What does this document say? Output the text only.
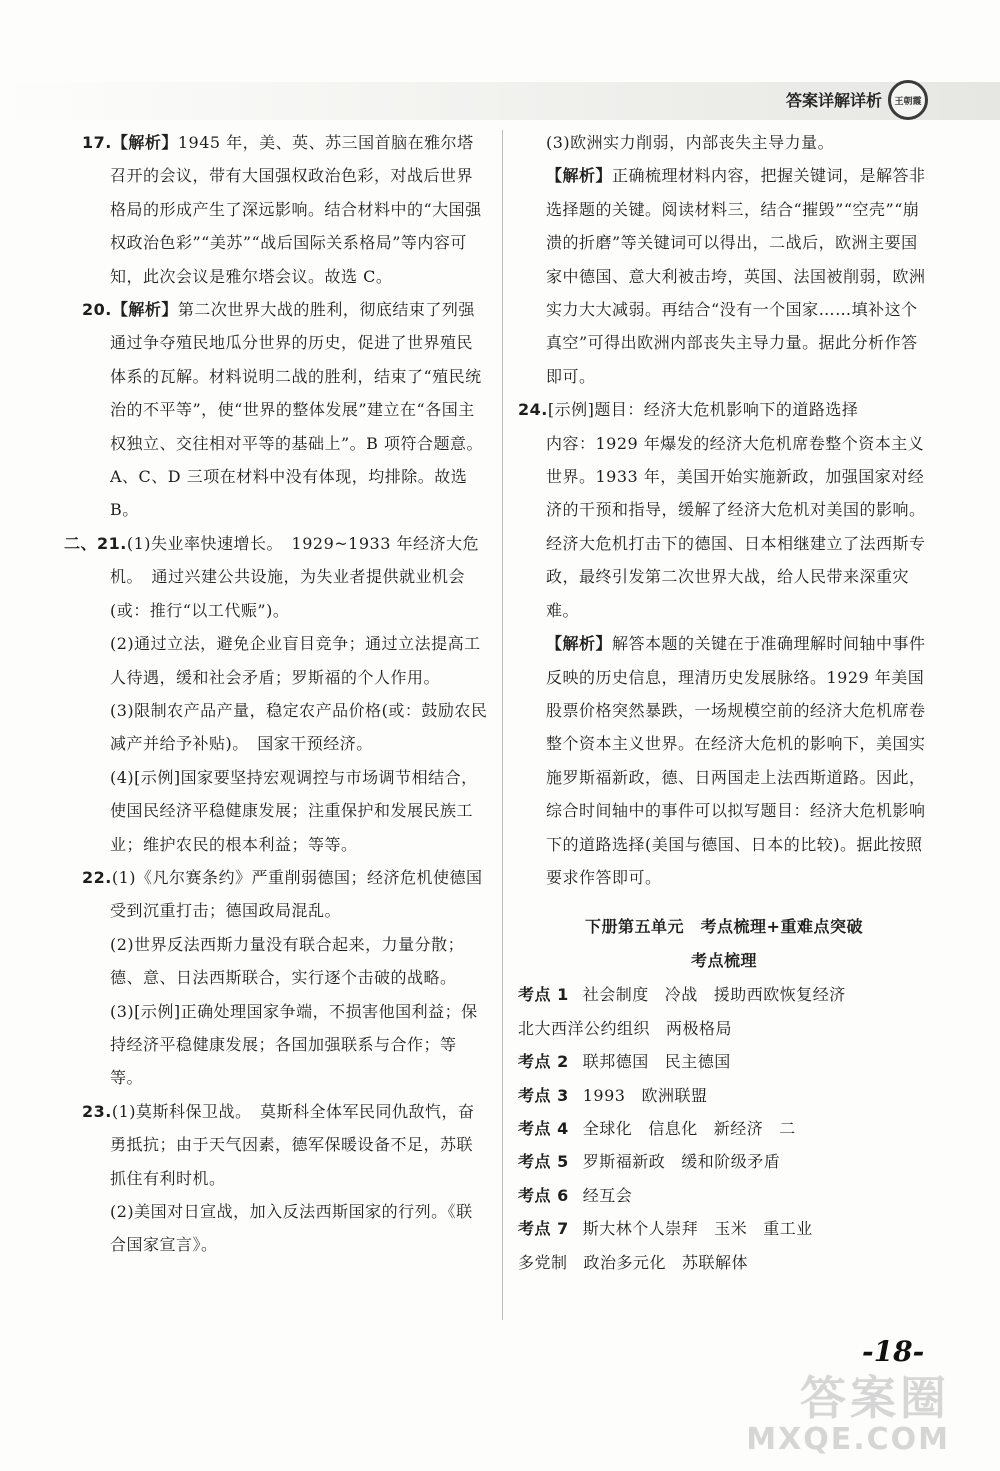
答案详解详析	王朝霞

17.【解析】1945 年，美、英、苏三国首脑在雅尔塔召开的会议，带有大国强权政治色彩，对战后世界格局的形成产生了深远影响。结合材料中的“大国强权政治色彩”“美苏”“战后国际关系格局”等内容可知，此次会议是雅尔塔会议。故选 C。

20.【解析】第二次世界大战的胜利，彻底结束了列强通过争夺殖民地瓜分世界的历史，促进了世界殖民体系的瓦解。材料说明二战的胜利，结束了“殖民统治的不平等”，使“世界的整体发展”建立在“各国主权独立、交往相对平等的基础上”。B 项符合题意。A、C、D 三项在材料中没有体现，均排除。故选 B。

二、21.(1)失业率快速增长。　1929~1933 年经济大危机。　通过兴建公共设施，为失业者提供就业机会(或：推行“以工代赈”)。

(2)通过立法，避免企业盲目竞争；通过立法提高工人待遇，缓和社会矛盾；罗斯福的个人作用。

(3)限制农产品产量，稳定农产品价格(或：鼓励农民减产并给予补贴)。　国家干预经济。

(4)[示例]国家要坚持宏观调控与市场调节相结合，使国民经济平稳健康发展；注重保护和发展民族工业；维护农民的根本利益；等等。

22.(1)《凡尔赛条约》严重削弱德国；经济危机使德国受到沉重打击；德国政局混乱。

(2)世界反法西斯力量没有联合起来，力量分散；德、意、日法西斯联合，实行逐个击破的战略。

(3)[示例]正确处理国家争端，不损害他国利益；保持经济平稳健康发展；各国加强联系与合作；等等。

23.(1)莫斯科保卫战。　莫斯科全体军民同仇敌忾，奋勇抵抗；由于天气因素，德军保暖设备不足，苏联抓住有利时机。

(2)美国对日宣战，加入反法西斯国家的行列。《联合国家宣言》。

(3)欧洲实力削弱，内部丧失主导力量。

【解析】正确梳理材料内容，把握关键词，是解答非选择题的关键。阅读材料三，结合“摧毁”“空壳”“崩溃的折磨”等关键词可以得出，二战后，欧洲主要国家中德国、意大利被击垮，英国、法国被削弱，欧洲实力大大减弱。再结合“没有一个国家……填补这个真空”可得出欧洲内部丧失主导力量。据此分析作答即可。

24.[示例]题目：经济大危机影响下的道路选择

内容：1929 年爆发的经济大危机席卷整个资本主义世界。1933 年，美国开始实施新政，加强国家对经济的干预和指导，缓解了经济大危机对美国的影响。经济大危机打击下的德国、日本相继建立了法西斯专政，最终引发第二次世界大战，给人民带来深重灾难。

【解析】解答本题的关键在于准确理解时间轴中事件反映的历史信息，理清历史发展脉络。1929 年美国股票价格突然暴跌，一场规模空前的经济大危机席卷整个资本主义世界。在经济大危机的影响下，美国实施罗斯福新政，德、日两国走上法西斯道路。因此，综合时间轴中的事件可以拟写题目：经济大危机影响下的道路选择(美国与德国、日本的比较)。据此按照要求作答即可。

下册第五单元　考点梳理+重难点突破
考点梳理
考点 1 社会制度 冷战 援助西欧恢复经济
北大西洋公约组织 两极格局
考点 2 联邦德国 民主德国
考点 3 1993 欧洲联盟
考点 4 全球化 信息化 新经济 二
考点 5 罗斯福新政 缓和阶级矛盾
考点 6 经互会
考点 7 斯大林个人崇拜 玉米 重工业
多党制 政治多元化 苏联解体
-18-
答案圈
MXQE.COM
